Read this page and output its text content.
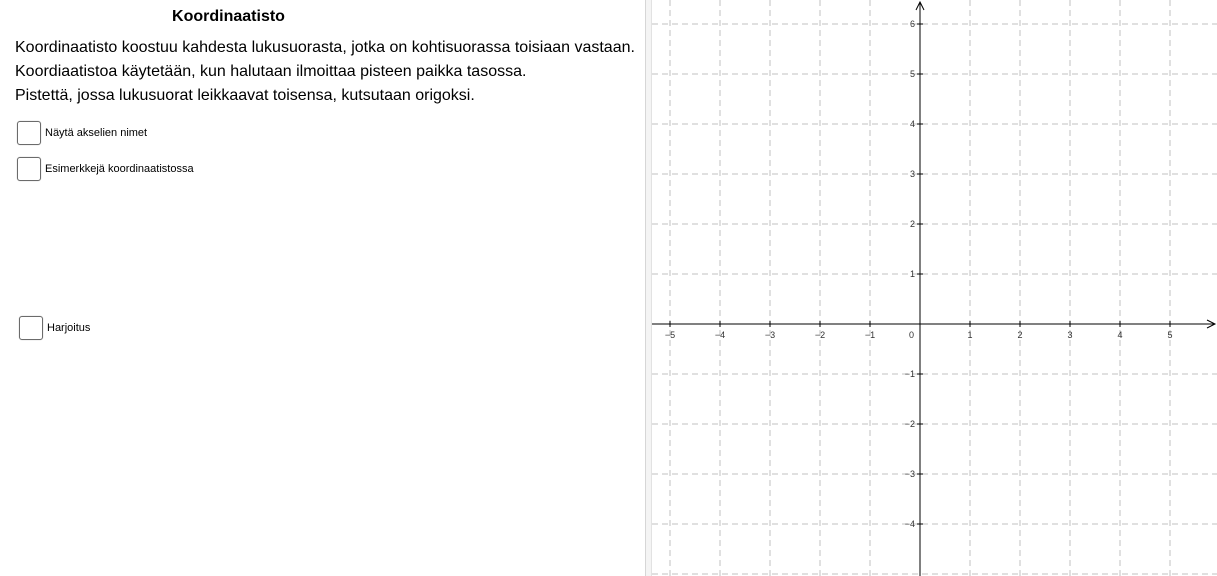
Koordinaatisto
Koordinaatisto koostuu kahdesta lukusuorasta, jotka on kohtisuorassa toisiaan vastaan.
Koordiaatistoa käytetään, kun halutaan ilmoittaa pisteen paikka tasossa.
Pistettä, jossa lukusuorat leikkaavat toisensa, kutsutaan origoksi.
Näytä akselien nimet
Esimerkkejä koordinaatistossa
Harjoitus
−5	−4	−3	−2	−1	1	2	3	4	5
−4
−3
−2
−1
1
2
3
4
5
6
0
